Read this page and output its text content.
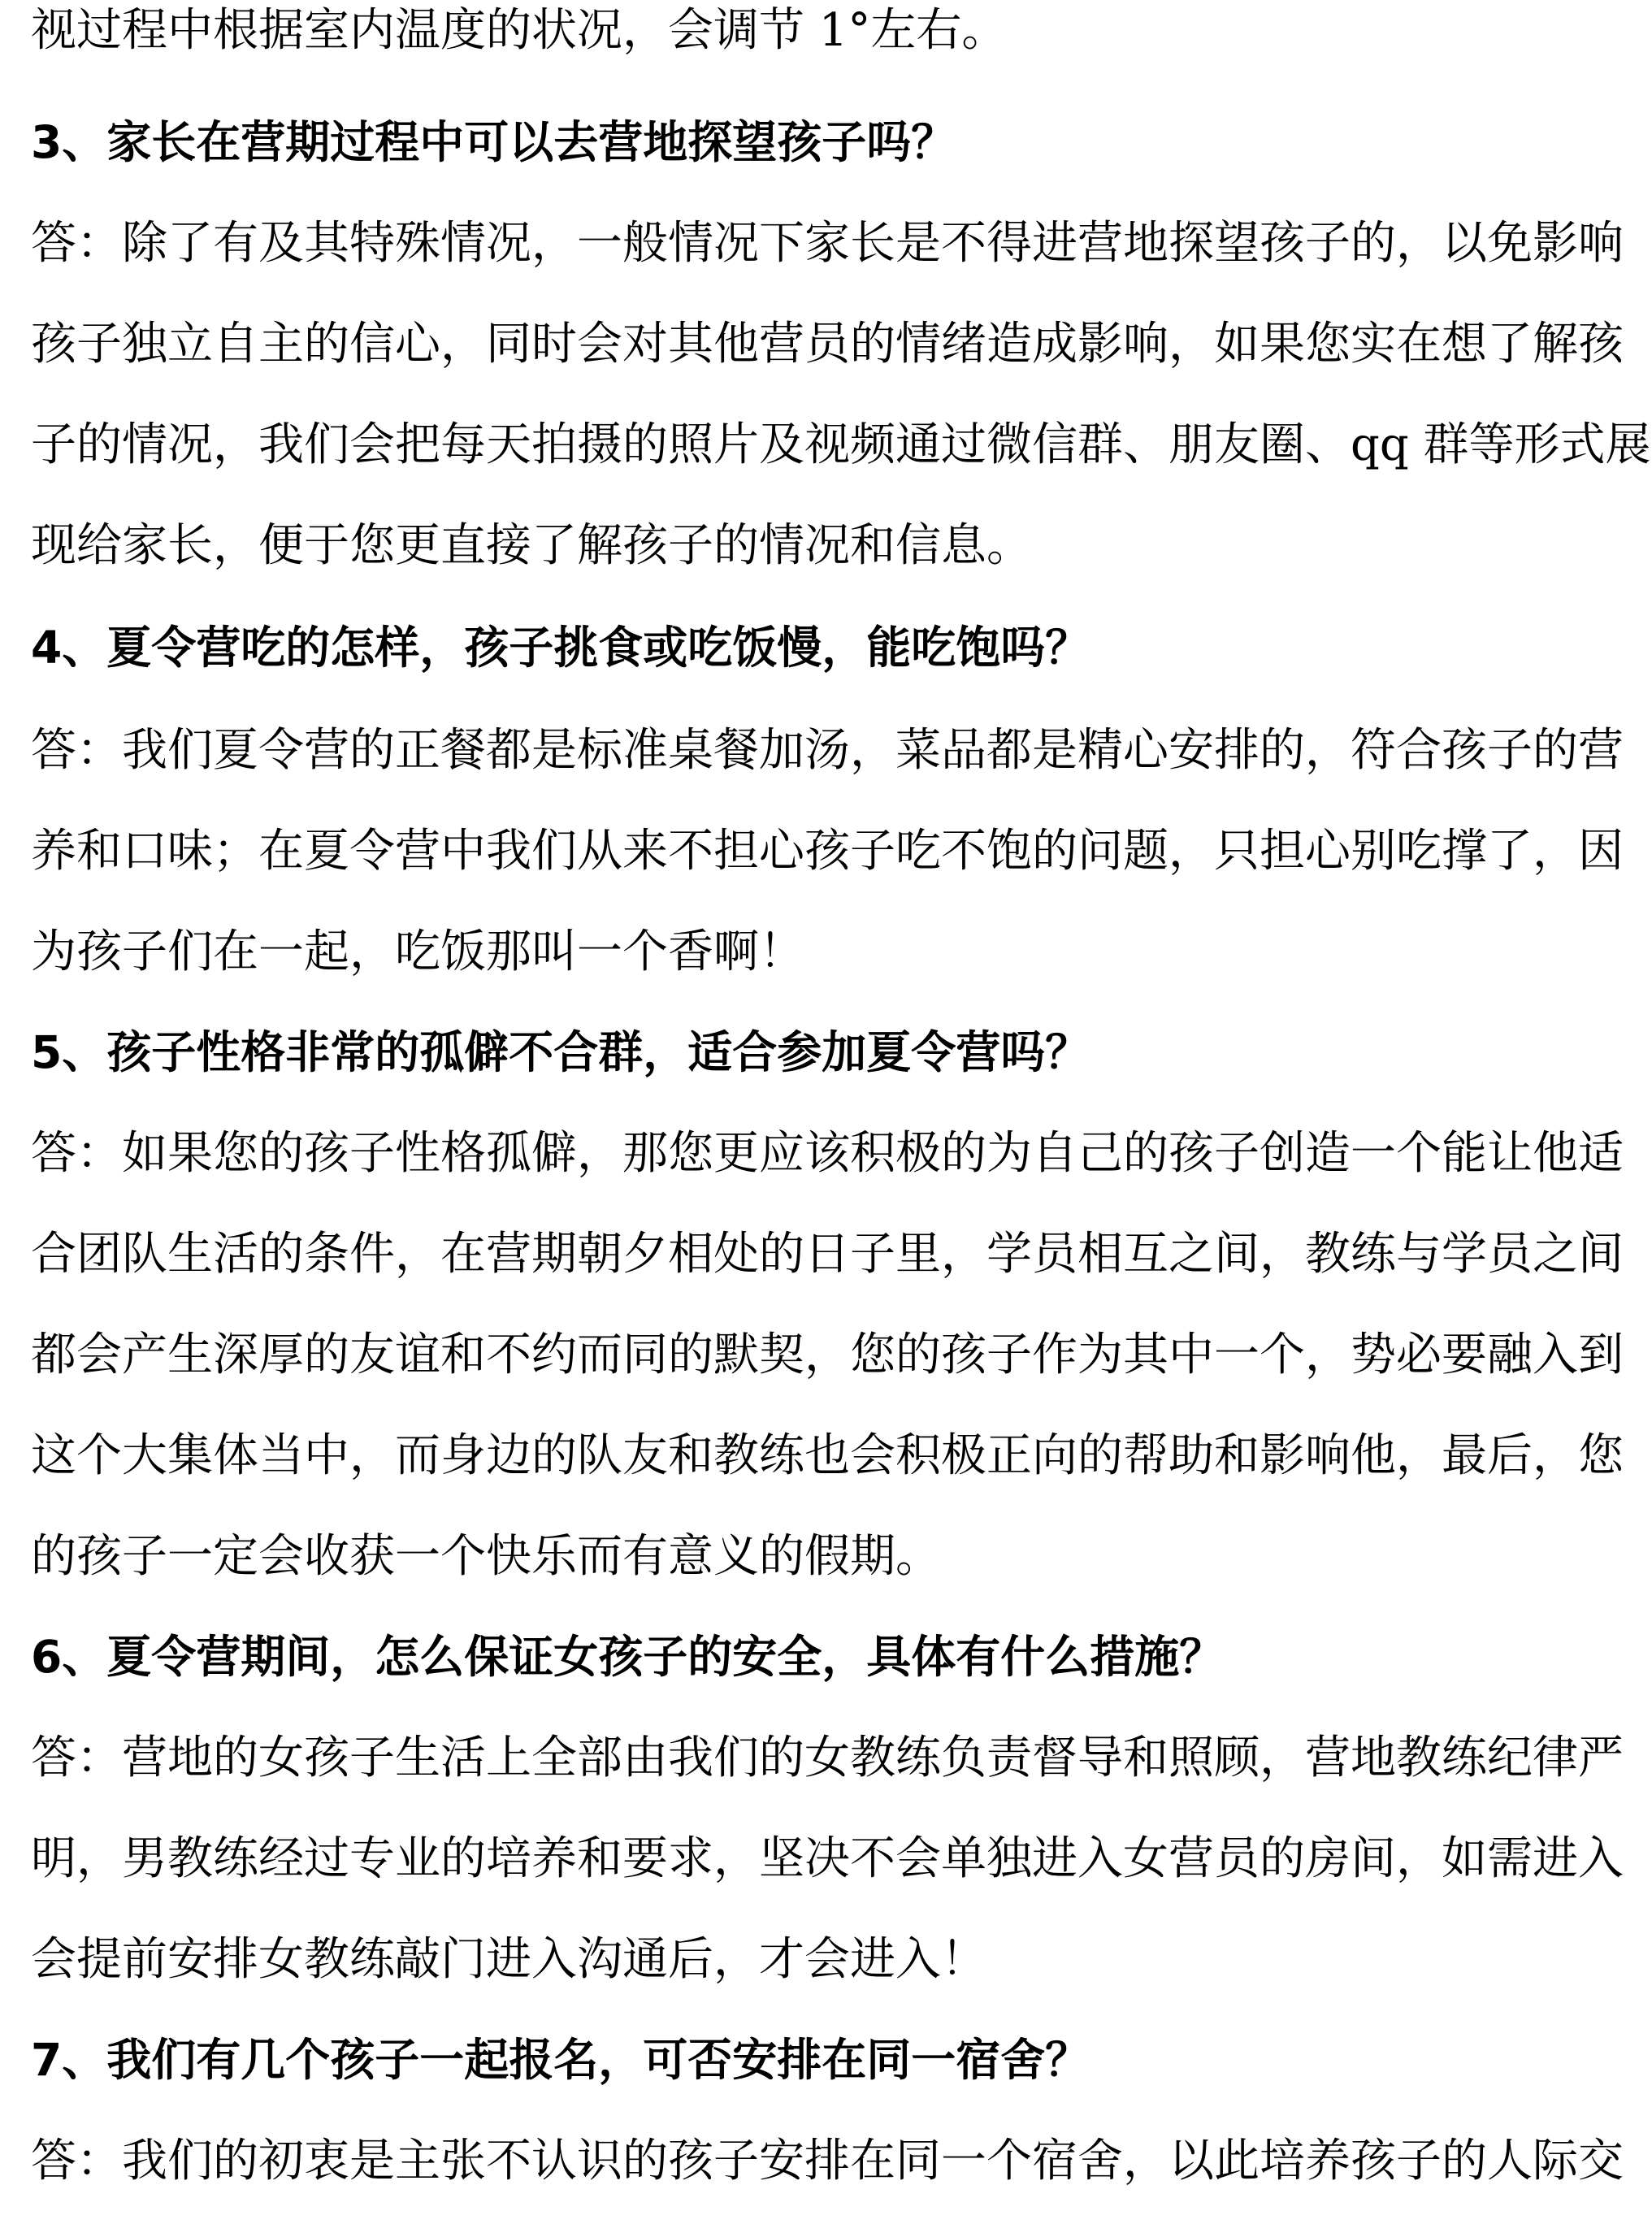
视过程中根据室内温度的状况，会调节 1°左右。
3、家长在营期过程中可以去营地探望孩子吗？
答：除了有及其特殊情况，一般情况下家长是不得进营地探望孩子的，以免影响
孩子独立自主的信心，同时会对其他营员的情绪造成影响，如果您实在想了解孩
子的情况，我们会把每天拍摄的照片及视频通过微信群、朋友圈、qq 群等形式展
现给家长，便于您更直接了解孩子的情况和信息。
4、夏令营吃的怎样，孩子挑食或吃饭慢，能吃饱吗？
答：我们夏令营的正餐都是标准桌餐加汤，菜品都是精心安排的，符合孩子的营
养和口味；在夏令营中我们从来不担心孩子吃不饱的问题，只担心别吃撑了，因
为孩子们在一起，吃饭那叫一个香啊！
5、孩子性格非常的孤僻不合群，适合参加夏令营吗？
答：如果您的孩子性格孤僻，那您更应该积极的为自己的孩子创造一个能让他适
合团队生活的条件，在营期朝夕相处的日子里，学员相互之间，教练与学员之间
都会产生深厚的友谊和不约而同的默契，您的孩子作为其中一个，势必要融入到
这个大集体当中，而身边的队友和教练也会积极正向的帮助和影响他，最后，您
的孩子一定会收获一个快乐而有意义的假期。
6、夏令营期间，怎么保证女孩子的安全，具体有什么措施？
答：营地的女孩子生活上全部由我们的女教练负责督导和照顾，营地教练纪律严
明，男教练经过专业的培养和要求，坚决不会单独进入女营员的房间，如需进入
会提前安排女教练敲门进入沟通后，才会进入！
7、我们有几个孩子一起报名，可否安排在同一宿舍？
答：我们的初衷是主张不认识的孩子安排在同一个宿舍，以此培养孩子的人际交
